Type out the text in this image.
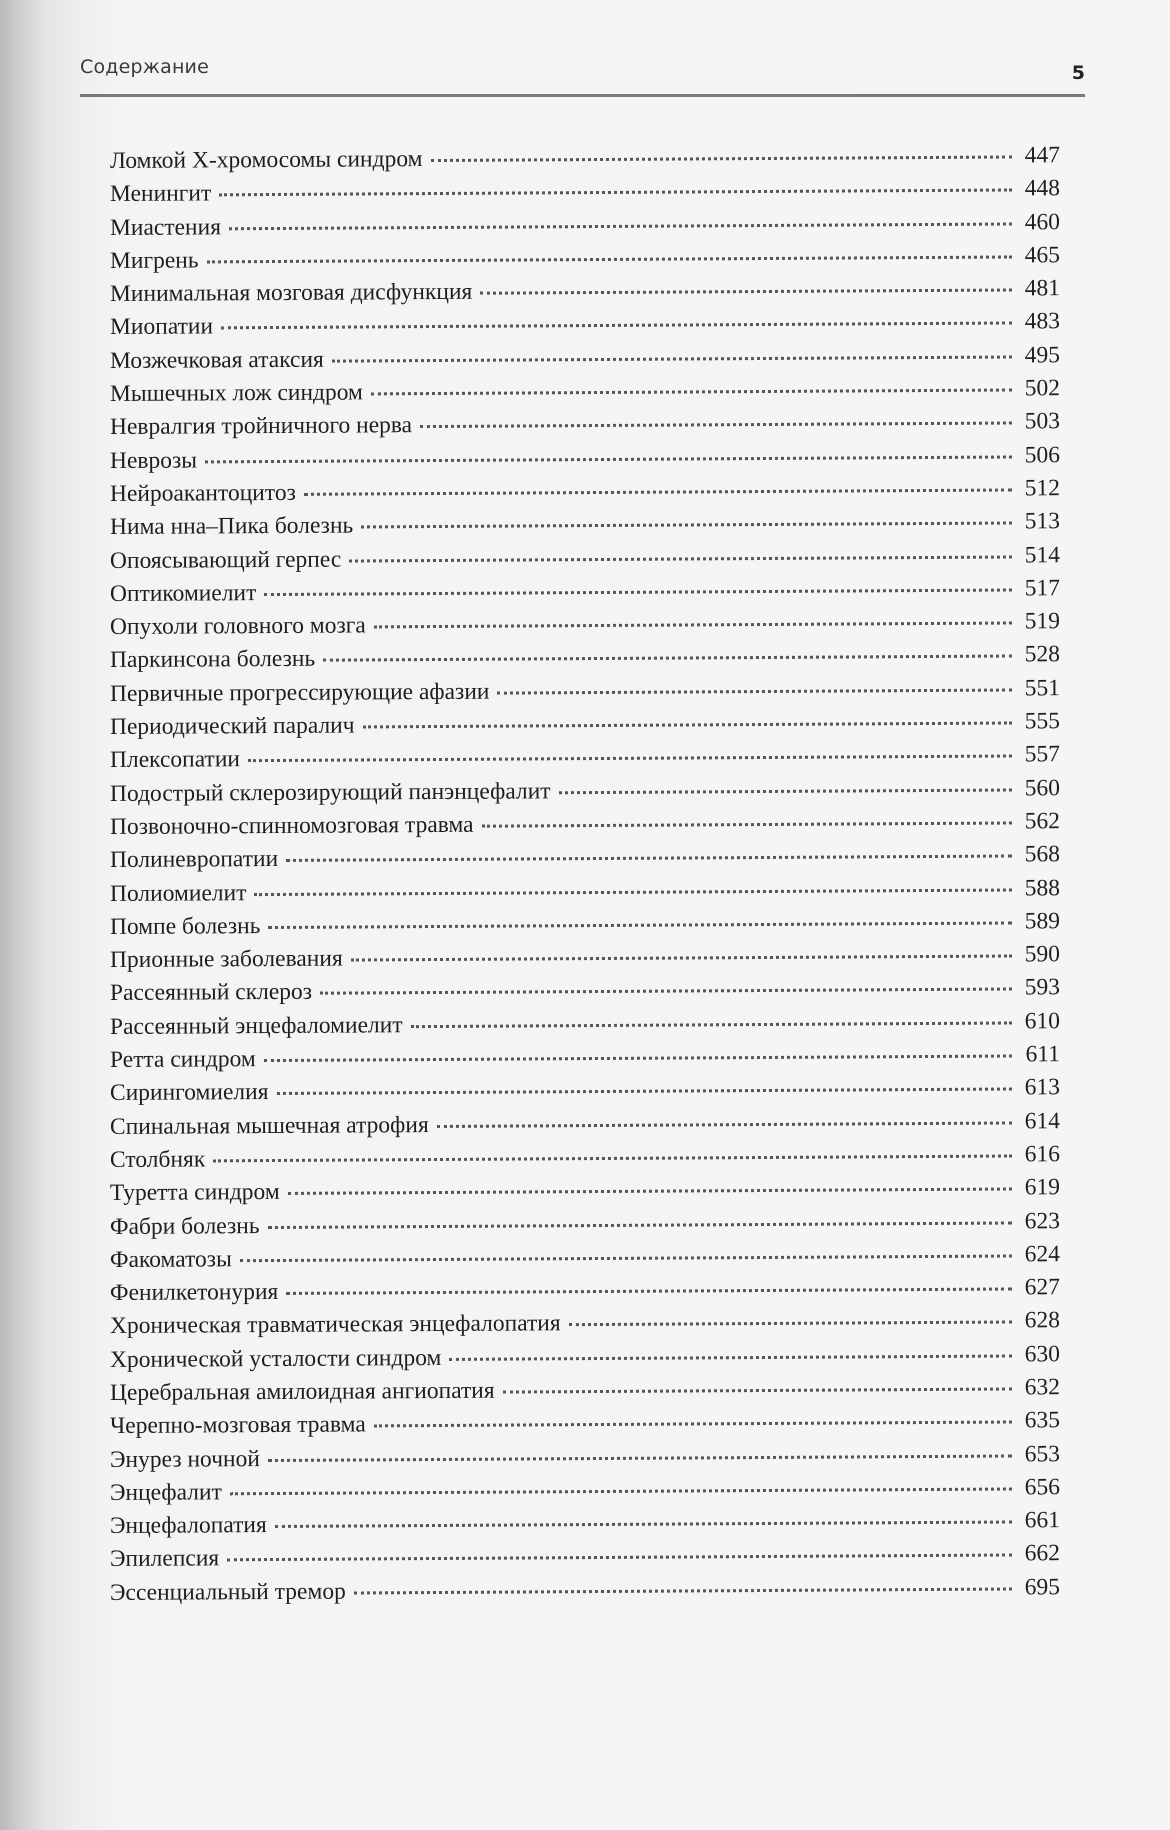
Содержание	5
Ломкой X-хромосомы синдром	447
Менингит	448
Миастения	460
Мигрень	465
Минимальная мозговая дисфункция	481
Миопатии	483
Мозжечковая атаксия	495
Мышечных лож синдром	502
Невралгия тройничного нерва	503
Неврозы	506
Нейроакантоцитоз	512
Нима нна–Пика болезнь	513
Опоясывающий герпес	514
Оптикомиелит	517
Опухоли головного мозга	519
Паркинсона болезнь	528
Первичные прогрессирующие афазии	551
Периодический паралич	555
Плексопатии	557
Подострый склерозирующий панэнцефалит	560
Позвоночно-спинномозговая травма	562
Полиневропатии	568
Полиомиелит	588
Помпе болезнь	589
Прионные заболевания	590
Рассеянный склероз	593
Рассеянный энцефаломиелит	610
Ретта синдром	611
Сирингомиелия	613
Спинальная мышечная атрофия	614
Столбняк	616
Туретта синдром	619
Фабри болезнь	623
Факоматозы	624
Фенилкетонурия	627
Хроническая травматическая энцефалопатия	628
Хронической усталости синдром	630
Церебральная амилоидная ангиопатия	632
Черепно-мозговая травма	635
Энурез ночной	653
Энцефалит	656
Энцефалопатия	661
Эпилепсия	662
Эссенциальный тремор	695
